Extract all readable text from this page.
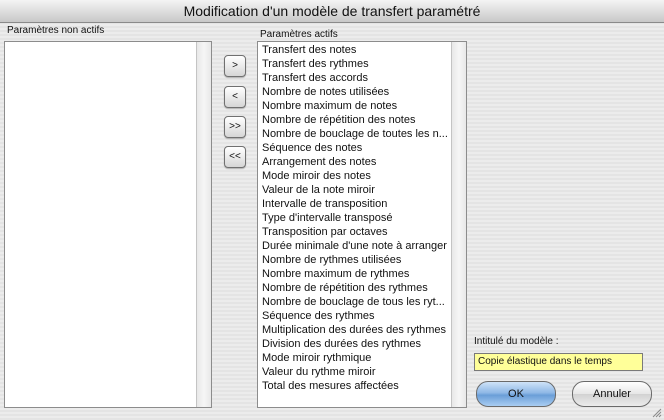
Modification d'un modèle de transfert paramétré
Paramètres non actifs
>
<
>>
<<
Paramètres actifs
Transfert des notes
Transfert des rythmes
Transfert des accords
Nombre de notes utilisées
Nombre maximum de notes
Nombre de répétition des notes
Nombre de bouclage de toutes les n...
Séquence des notes
Arrangement des notes
Mode miroir des notes
Valeur de la note miroir
Intervalle de transposition
Type d'intervalle transposé
Transposition par octaves
Durée minimale d'une note à arranger
Nombre de rythmes utilisées
Nombre maximum de rythmes
Nombre de répétition des rythmes
Nombre de bouclage de tous les ryt...
Séquence des rythmes
Multiplication des durées des rythmes
Division des durées des rythmes
Mode miroir rythmique
Valeur du rythme miroir
Total des mesures affectées
Intitulé du modèle :
Copie élastique dans le temps
OK	Annuler
